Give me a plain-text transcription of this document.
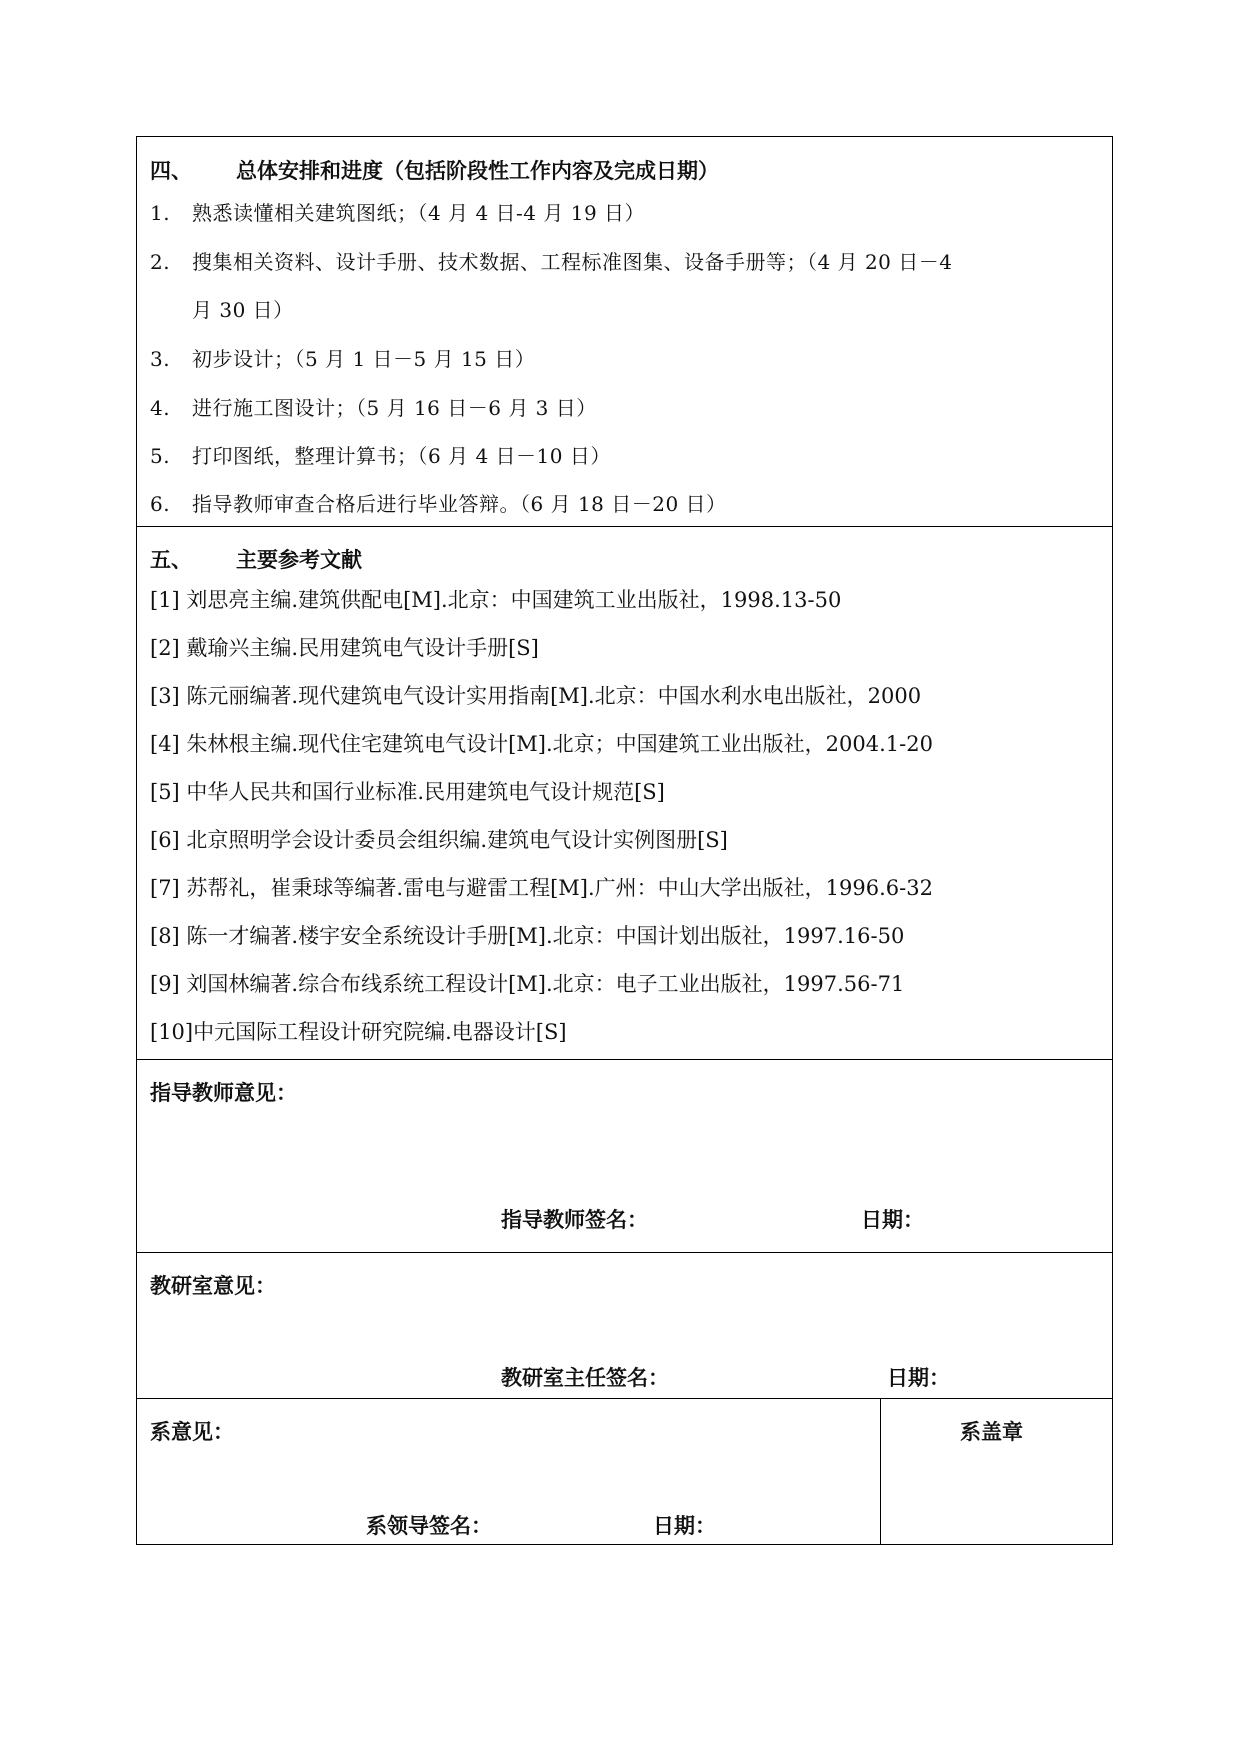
四、 总体安排和进度（包括阶段性工作内容及完成日期）
1. 熟悉读懂相关建筑图纸；（4 月 4 日-4 月 19 日）
2. 搜集相关资料、设计手册、技术数据、工程标准图集、设备手册等；（4 月 20 日－4
月 30 日）
3. 初步设计；（5 月 1 日－5 月 15 日）
4. 进行施工图设计；（5 月 16 日－6 月 3 日）
5. 打印图纸，整理计算书；（6 月 4 日－10 日）
6. 指导教师审查合格后进行毕业答辩。（6 月 18 日－20 日）
五、 主要参考文献
[1] 刘思亮主编.建筑供配电[M].北京：中国建筑工业出版社，1998.13-50
[2] 戴瑜兴主编.民用建筑电气设计手册[S]
[3] 陈元丽编著.现代建筑电气设计实用指南[M].北京：中国水利水电出版社，2000
[4] 朱林根主编.现代住宅建筑电气设计[M].北京；中国建筑工业出版社，2004.1-20
[5] 中华人民共和国行业标准.民用建筑电气设计规范[S]
[6] 北京照明学会设计委员会组织编.建筑电气设计实例图册[S]
[7] 苏帮礼，崔秉球等编著.雷电与避雷工程[M].广州：中山大学出版社，1996.6-32
[8] 陈一才编著.楼宇安全系统设计手册[M].北京：中国计划出版社，1997.16-50
[9] 刘国林编著.综合布线系统工程设计[M].北京：电子工业出版社，1997.56-71
[10]中元国际工程设计研究院编.电器设计[S]
指导教师意见：
指导教师签名：	日期：
教研室意见：
教研室主任签名：	日期：
系意见：
系领导签名：	日期：
系盖章
